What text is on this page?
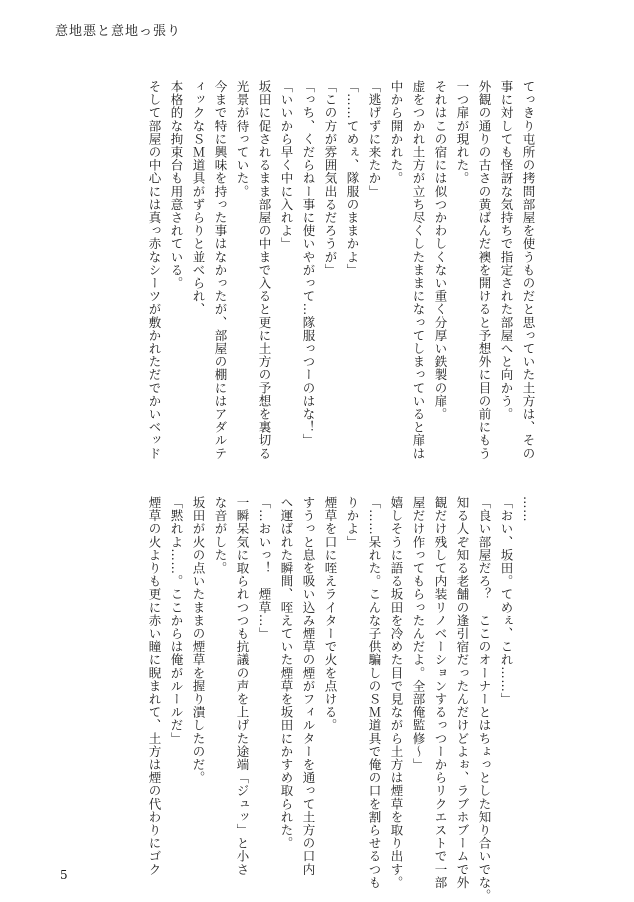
意地悪と意地っ張り

てっきり屯所の拷問部屋を使うものだと思っていた土方は、その

事に対しても怪訝な気持ちで指定された部屋へと向かう。

外観の通りの古さの黄ばんだ襖を開けると予想外に目の前にもう

一つ扉が現れた。

それはこの宿には似つかわしくない重く分厚い鉄製の扉。

虚をつかれ土方が立ち尽くしたままになってしまっていると扉は

中から開かれた。

「逃げずに来たか」

「……てめぇ、隊服のままかよ」

「この方が雰囲気出るだろうが」

「っち、くだらねー事に使いやがって…隊服っつーのはな！」

「いいから早く中に入れよ」

坂田に促されるまま部屋の中まで入ると更に土方の予想を裏切る

光景が待っていた。

今まで特に興味を持った事はなかったが、部屋の棚にはアダルテ

ィックなＳＭ道具がずらりと並べられ、

本格的な拘束台も用意されている。

そして部屋の中心には真っ赤なシーツが敷かれただでかいベッド

……

「おい、坂田。てめぇ、これ……」

「良い部屋だろ？　ここのオーナーとはちょっとした知り合いでな。

知る人ぞ知る老舗の逢引宿だったんだけどよぉ、ラブホブームで外

観だけ残して内装リノベーションするっつーからリクエストで一部

屋だけ作ってもらったんだよ。全部俺監修～」

嬉しそうに語る坂田を冷めた目で見ながら土方は煙草を取り出す。

「……呆れた。こんな子供騙しのＳＭ道具で俺の口を割らせるつも

りかよ」

煙草を口に咥えライターで火を点ける。

すうっと息を吸い込み煙草の煙がフィルターを通って土方の口内

へ運ばれた瞬間、咥えていた煙草を坂田にかすめ取られた。

「…おいっ！　煙草…」

一瞬呆気に取られつつも抗議の声を上げた途端「ジュッ」と小さ

な音がした。

坂田が火の点いたままの煙草を握り潰したのだ。

「黙れよ……。ここからは俺がルールだ」

煙草の火よりも更に赤い瞳に睨まれて、土方は煙の代わりにゴク

5
